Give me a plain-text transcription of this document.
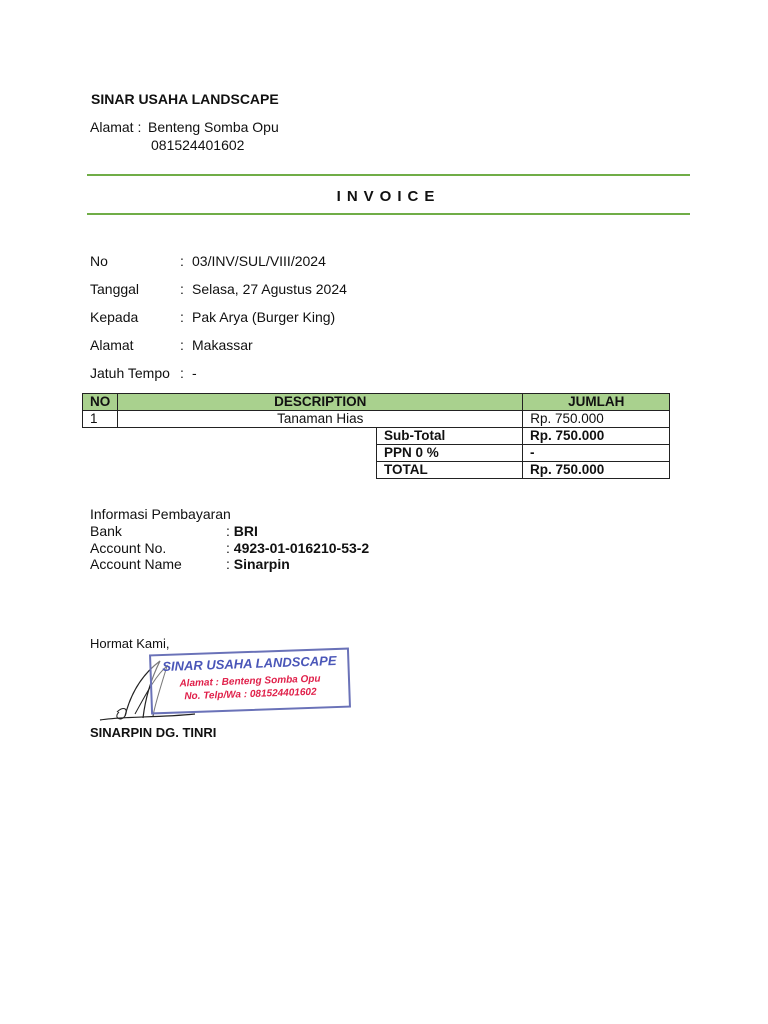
SINAR USAHA LANDSCAPE
Alamat : Benteng Somba Opu
081524401602
INVOICE
No	: 03/INV/SUL/VIII/2024
Tanggal	: Selasa, 27 Agustus 2024
Kepada	: Pak Arya (Burger King)
Alamat	: Makassar
Jatuh Tempo : -
NO	DESCRIPTION	JUMLAH
1	Tanaman Hias	Rp. 750.000
Sub-Total	Rp. 750.000
PPN 0 %	-
TOTAL	Rp. 750.000
Informasi Pembayaran
Bank	: BRI
Account No.	: 4923-01-016210-53-2
Account Name	: Sinarpin
Hormat Kami,
SINAR USAHA LANDSCAPE
Alamat : Benteng Somba Opu
No. Telp/Wa : 081524401602
SINARPIN DG. TINRI
